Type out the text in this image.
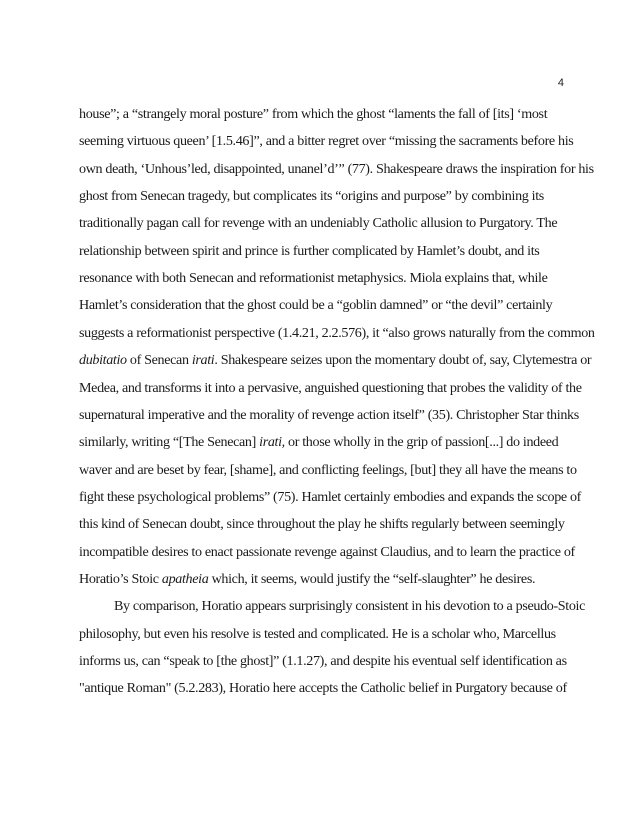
4
house”; a “strangely moral posture” from which the ghost “laments the fall of [its] ‘most
seeming virtuous queen’ [1.5.46]”, and a bitter regret over “missing the sacraments before his
own death, ‘Unhous’led, disappointed, unanel’d’” (77). Shakespeare draws the inspiration for his
ghost from Senecan tragedy, but complicates its “origins and purpose” by combining its
traditionally pagan call for revenge with an undeniably Catholic allusion to Purgatory. The
relationship between spirit and prince is further complicated by Hamlet’s doubt, and its
resonance with both Senecan and reformationist metaphysics. Miola explains that, while
Hamlet’s consideration that the ghost could be a “goblin damned” or “the devil” certainly
suggests a reformationist perspective (1.4.21, 2.2.576), it “also grows naturally from the common
dubitatio of Senecan irati. Shakespeare seizes upon the momentary doubt of, say, Clytemestra or
Medea, and transforms it into a pervasive, anguished questioning that probes the validity of the
supernatural imperative and the morality of revenge action itself” (35). Christopher Star thinks
similarly, writing “[The Senecan] irati, or those wholly in the grip of passion[...] do indeed
waver and are beset by fear, [shame], and conflicting feelings, [but] they all have the means to
fight these psychological problems” (75). Hamlet certainly embodies and expands the scope of
this kind of Senecan doubt, since throughout the play he shifts regularly between seemingly
incompatible desires to enact passionate revenge against Claudius, and to learn the practice of
Horatio’s Stoic apatheia which, it seems, would justify the “self-slaughter” he desires.
By comparison, Horatio appears surprisingly consistent in his devotion to a pseudo-Stoic
philosophy, but even his resolve is tested and complicated. He is a scholar who, Marcellus
informs us, can “speak to [the ghost]” (1.1.27), and despite his eventual self identification as
"antique Roman" (5.2.283), Horatio here accepts the Catholic belief in Purgatory because of
